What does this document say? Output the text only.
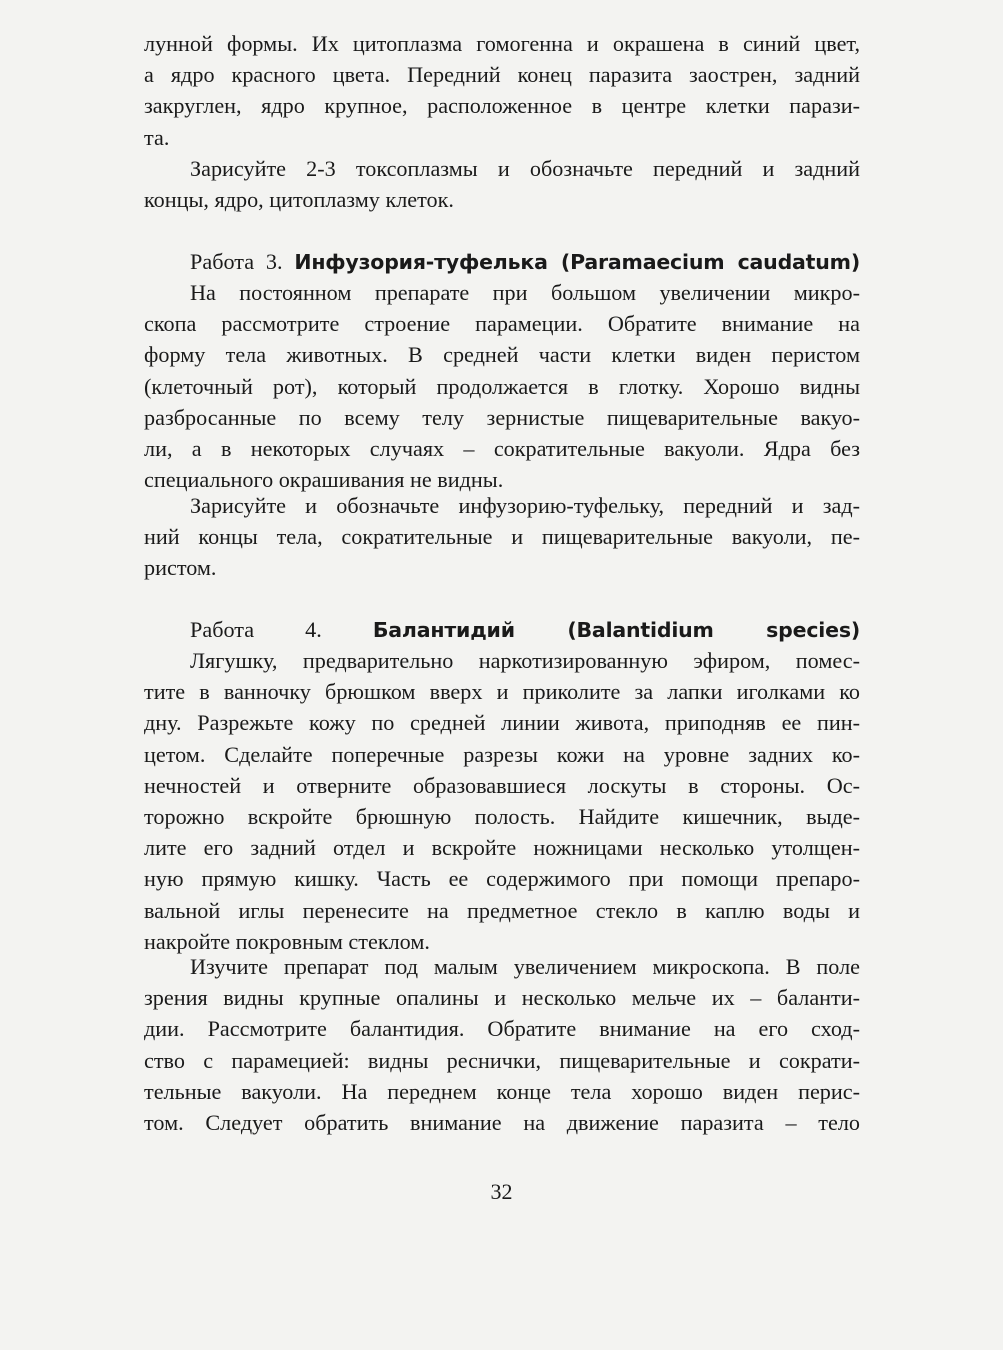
лунной формы. Их цитоплазма гомогенна и окрашена в синий цвет,
а ядро красного цвета. Передний конец паразита заострен, задний
закруглен, ядро крупное, расположенное в центре клетки парази-
та.
Зарисуйте 2-3 токсоплазмы и обозначьте передний и задний
концы, ядро, цитоплазму клеток.
Работа 3. Инфузория-туфелька (Paramaecium caudatum)
На постоянном препарате при большом увеличении микро-
скопа рассмотрите строение парамеции. Обратите внимание на
форму тела животных. В средней части клетки виден перистом
(клеточный рот), который продолжается в глотку. Хорошо видны
разбросанные по всему телу зернистые пищеварительные вакуо-
ли, а в некоторых случаях – сократительные вакуоли. Ядра без
специального окрашивания не видны.
Зарисуйте и обозначьте инфузорию-туфельку, передний и зад-
ний концы тела, сократительные и пищеварительные вакуоли, пе-
ристом.
Работа 4. Балантидий (Balantidium species)
Лягушку, предварительно наркотизированную эфиром, помес-
тите в ванночку брюшком вверх и приколите за лапки иголками ко
дну. Разрежьте кожу по средней линии живота, приподняв ее пин-
цетом. Сделайте поперечные разрезы кожи на уровне задних ко-
нечностей и отверните образовавшиеся лоскуты в стороны. Ос-
торожно вскройте брюшную полость. Найдите кишечник, выде-
лите его задний отдел и вскройте ножницами несколько утолщен-
ную прямую кишку. Часть ее содержимого при помощи препаро-
вальной иглы перенесите на предметное стекло в каплю воды и
накройте покровным стеклом.
Изучите препарат под малым увеличением микроскопа. В поле
зрения видны крупные опалины и несколько мельче их – баланти-
дии. Рассмотрите балантидия. Обратите внимание на его сход-
ство с парамецией: видны реснички, пищеварительные и сократи-
тельные вакуоли. На переднем конце тела хорошо виден перис-
том. Следует обратить внимание на движение паразита – тело
32
